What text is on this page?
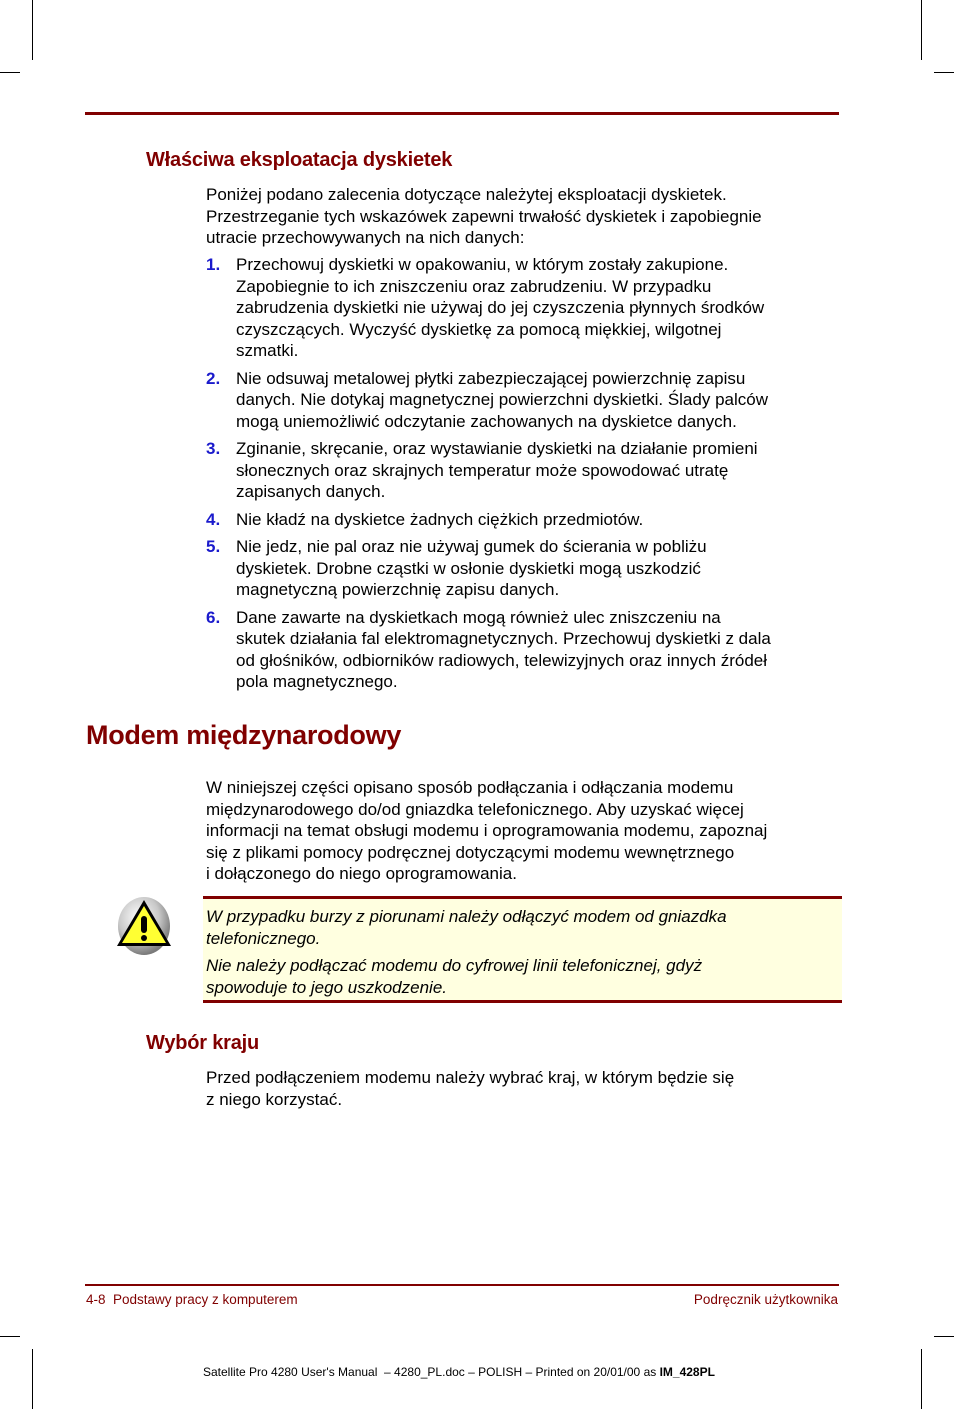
Właściwa eksploatacja dyskietek

Poniżej podano zalecenia dotyczące należytej eksploatacji dyskietek.

Przestrzeganie tych wskazówek zapewni trwałość dyskietek i zapobiegnie

utracie przechowywanych na nich danych:

1. Przechowuj dyskietki w opakowaniu, w którym zostały zakupione.
Zapobiegnie to ich zniszczeniu oraz zabrudzeniu. W przypadku
zabrudzenia dyskietki nie używaj do jej czyszczenia płynnych środków
czyszczących. Wyczyść dyskietkę za pomocą miękkiej, wilgotnej
szmatki.
2. Nie odsuwaj metalowej płytki zabezpieczającej powierzchnię zapisu
danych. Nie dotykaj magnetycznej powierzchni dyskietki. Ślady palców
mogą uniemożliwić odczytanie zachowanych na dyskietce danych.
3. Zginanie, skręcanie, oraz wystawianie dyskietki na działanie promieni
słonecznych oraz skrajnych temperatur może spowodować utratę
zapisanych danych.
4. Nie kładź na dyskietce żadnych ciężkich przedmiotów.
5. Nie jedz, nie pal oraz nie używaj gumek do ścierania w pobliżu
dyskietek. Drobne cząstki w osłonie dyskietki mogą uszkodzić
magnetyczną powierzchnię zapisu danych.
6. Dane zawarte na dyskietkach mogą również ulec zniszczeniu na
skutek działania fal elektromagnetycznych. Przechowuj dyskietki z dala
od głośników, odbiorników radiowych, telewizyjnych oraz innych źródeł
pola magnetycznego.
Modem międzynarodowy

W niniejszej części opisano sposób podłączania i odłączania modemu

międzynarodowego do/od gniazdka telefonicznego. Aby uzyskać więcej

informacji na temat obsługi modemu i oprogramowania modemu, zapoznaj

się z plikami pomocy podręcznej dotyczącymi modemu wewnętrznego

i dołączonego do niego oprogramowania.

W przypadku burzy z piorunami należy odłączyć modem od gniazdka
telefonicznego.

Nie należy podłączać modemu do cyfrowej linii telefonicznej, gdyż
spowoduje to jego uszkodzenie.

Wybór kraju

Przed podłączeniem modemu należy wybrać kraj, w którym będzie się

z niego korzystać.

4-8  Podstawy pracy z komputerem	Podręcznik użytkownika
Satellite Pro 4280 User's Manual  – 4280_PL.doc – POLISH – Printed on 20/01/00 as IM_428PL
